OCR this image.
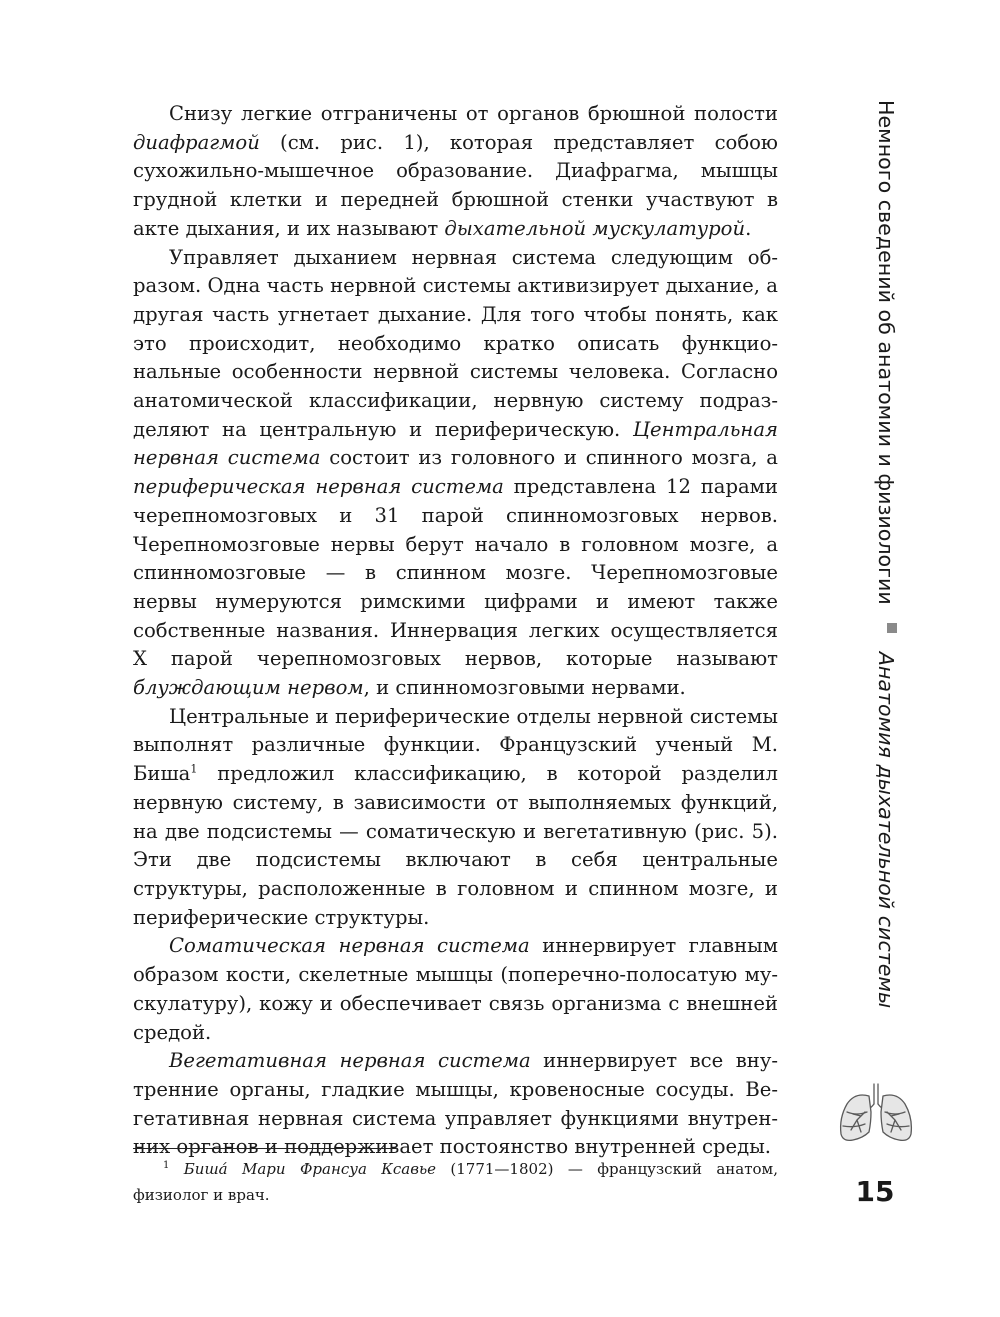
Снизу легкие отграничены от органов брюшной полости диафрагмой (см. рис. 1), которая представляет собою сухожильно-мышечное образование. Диафрагма, мышцы грудной клетки и передней брюшной стенки участвуют в акте дыхания, и их называют дыхательной мускулатурой.

Управляет дыханием нервная система следующим образом. Одна часть нервной системы активизирует дыхание, а другая часть угнетает дыхание. Для того чтобы понять, как это происходит, необходимо кратко описать функциональные особенности нервной системы человека. Согласно анатомической классификации, нервную систему подразделяют на центральную и периферическую. Центральная нервная система состоит из головного и спинного мозга, а периферическая нервная система представлена 12 парами черепномозговых и 31 парой спинномозговых нервов. Черепномозговые нервы берут начало в головном мозге, а спинномозговые — в спинном мозге. Черепномозговые нервы нумеруются римскими цифрами и имеют также собственные названия. Иннервация легких осуществляется X парой черепномозговых нервов, которые называют блуждающим нервом, и спинномозговыми нервами.

Центральные и периферические отделы нервной системы выполнят различные функции. Французский ученый М. Биша$^1$ предложил классификацию, в которой разделил нервную систему, в зависимости от выполняемых функций, на две подсистемы — соматическую и вегетативную (рис. 5). Эти две подсистемы включают в себя центральные структуры, расположенные в головном и спинном мозге, и периферические структуры.

Соматическая нервная система иннервирует главным образом кости, скелетные мышцы (поперечно-полосатую мускулатуру), кожу и обеспечивает связь организма с внешней средой.

Вегетативная нервная система иннервирует все внутренние органы, гладкие мышцы, кровеносные сосуды. Вегетативная нервная система управляет функциями внутренних органов и поддерживает постоянство внутренней среды.

$^1$ Биша́ Мари Франсуа Ксавье (1771—1802) — французский анатом, физиолог и врач.

Немного сведений об анатомии и физиологии  Анатомия дыхательной системы
15
